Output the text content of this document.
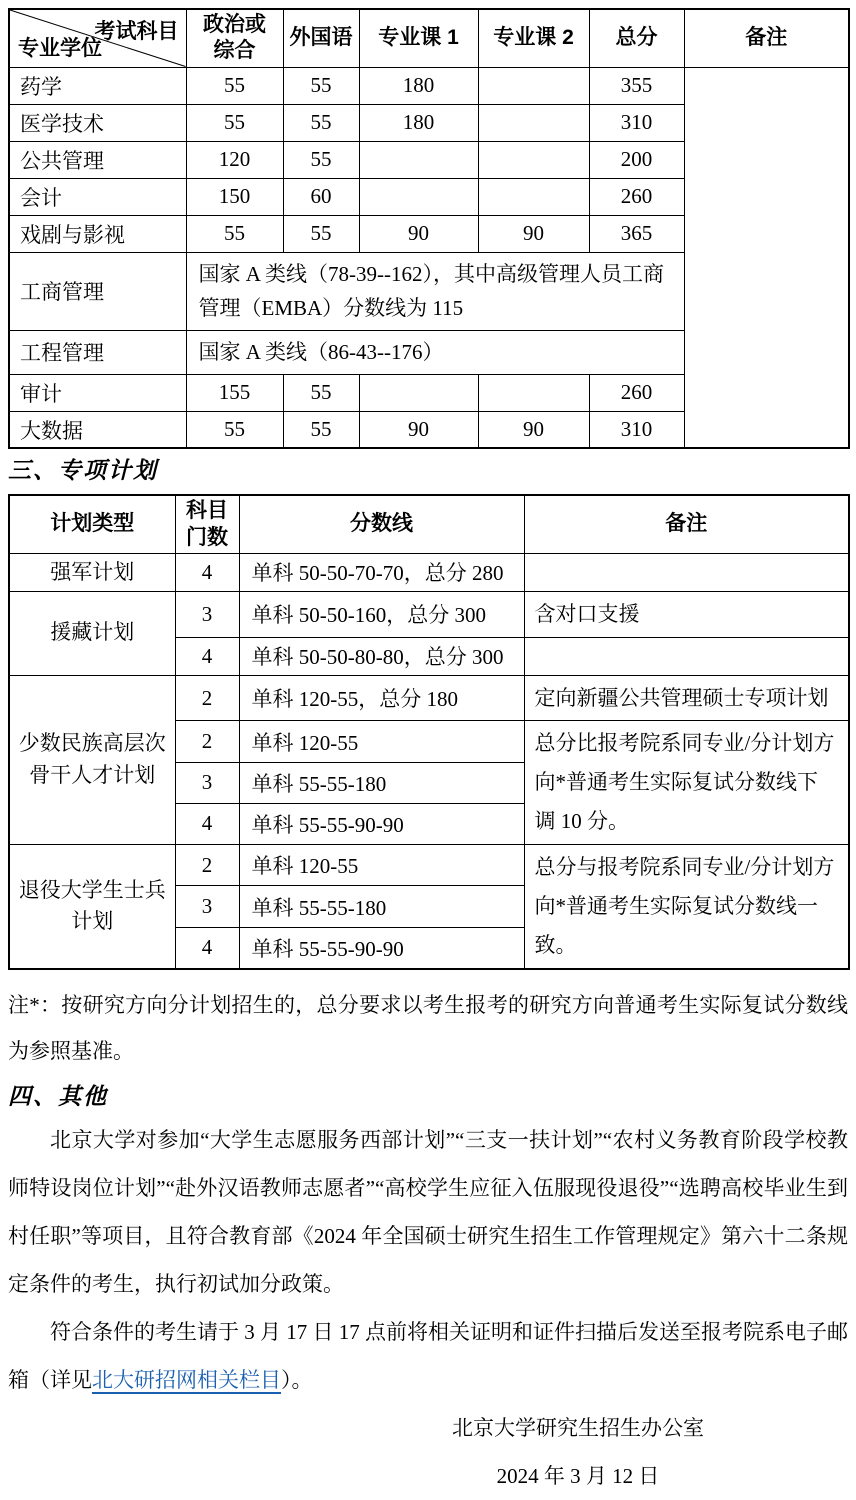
考试科目
专业学位	政治或综合	外国语	专业课 1	专业课 2	总分	备注
药学	55	55	180		355	
医学技术	55	55	180		310	
公共管理	120	55			200	
会计	150	60			260	
戏剧与影视	55	55	90	90	365	
工商管理	国家 A 类线（78-39--162），其中高级管理人员工商管理（EMBA）分数线为 115					
工程管理	国家 A 类线（86-43--176）					
审计	155	55			260	
大数据	55	55	90	90	310	
三、专项计划
计划类型	科目门数	分数线	备注
强军计划	4	单科 50-50-70-70，总分 280	
援藏计划	3	单科 50-50-160，总分 300	含对口支援
	4	单科 50-50-80-80，总分 300	
少数民族高层次骨干人才计划	2	单科 120-55，总分 180	定向新疆公共管理硕士专项计划
	2	单科 120-55	总分比报考院系同专业/分计划方向*普通考生实际复试分数线下调 10 分。
	3	单科 55-55-180	
	4	单科 55-55-90-90	
退役大学生士兵计划	2	单科 120-55	总分与报考院系同专业/分计划方向*普通考生实际复试分数线一致。
	3	单科 55-55-180	
	4	单科 55-55-90-90	
注*：按研究方向分计划招生的，总分要求以考生报考的研究方向普通考生实际复试分数线为参照基准。
四、其他

北京大学对参加“大学生志愿服务西部计划”“三支一扶计划”“农村义务教育阶段学校教师特设岗位计划”“赴外汉语教师志愿者”“高校学生应征入伍服现役退役”“选聘高校毕业生到村任职”等项目，且符合教育部《2024 年全国硕士研究生招生工作管理规定》第六十二条规定条件的考生，执行初试加分政策。

符合条件的考生请于 3 月 17 日 17 点前将相关证明和证件扫描后发送至报考院系电子邮箱（详见北大研招网相关栏目）。

北京大学研究生招生办公室
2024 年 3 月 12 日
